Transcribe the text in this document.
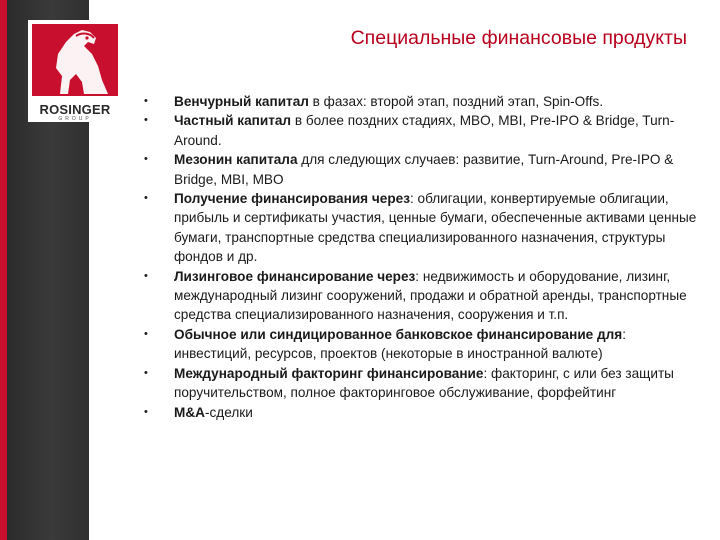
ROSINGER
GROUP
Специальные финансовые продукты
• Венчурный капитал в фазах: второй этап, поздний этап, Spin-Offs.
• Частный капитал в более поздних стадиях, MBO, MBI, Pre-IPO & Bridge, Turn-Around.
• Мезонин капитала для следующих случаев: развитие, Turn-Around, Pre-IPO & Bridge, MBI, MBO
• Получение финансирования через: облигации, конвертируемые облигации, прибыль и сертификаты участия, ценные бумаги, обеспеченные активами ценные бумаги, транспортные средства специализированного назначения, структуры фондов и др.
• Лизинговое финансирование через: недвижимость и оборудование, лизинг, международный лизинг сооружений, продажи и обратной аренды, транспортные средства специализированного назначения, сооружения и т.п.
• Обычное или синдицированное банковское финансирование для: инвестиций, ресурсов, проектов (некоторые в иностранной валюте)
• Международный факторинг финансирование: факторинг, с или без защиты поручительством, полное факторинговое обслуживание, форфейтинг
• M&A-сделки
